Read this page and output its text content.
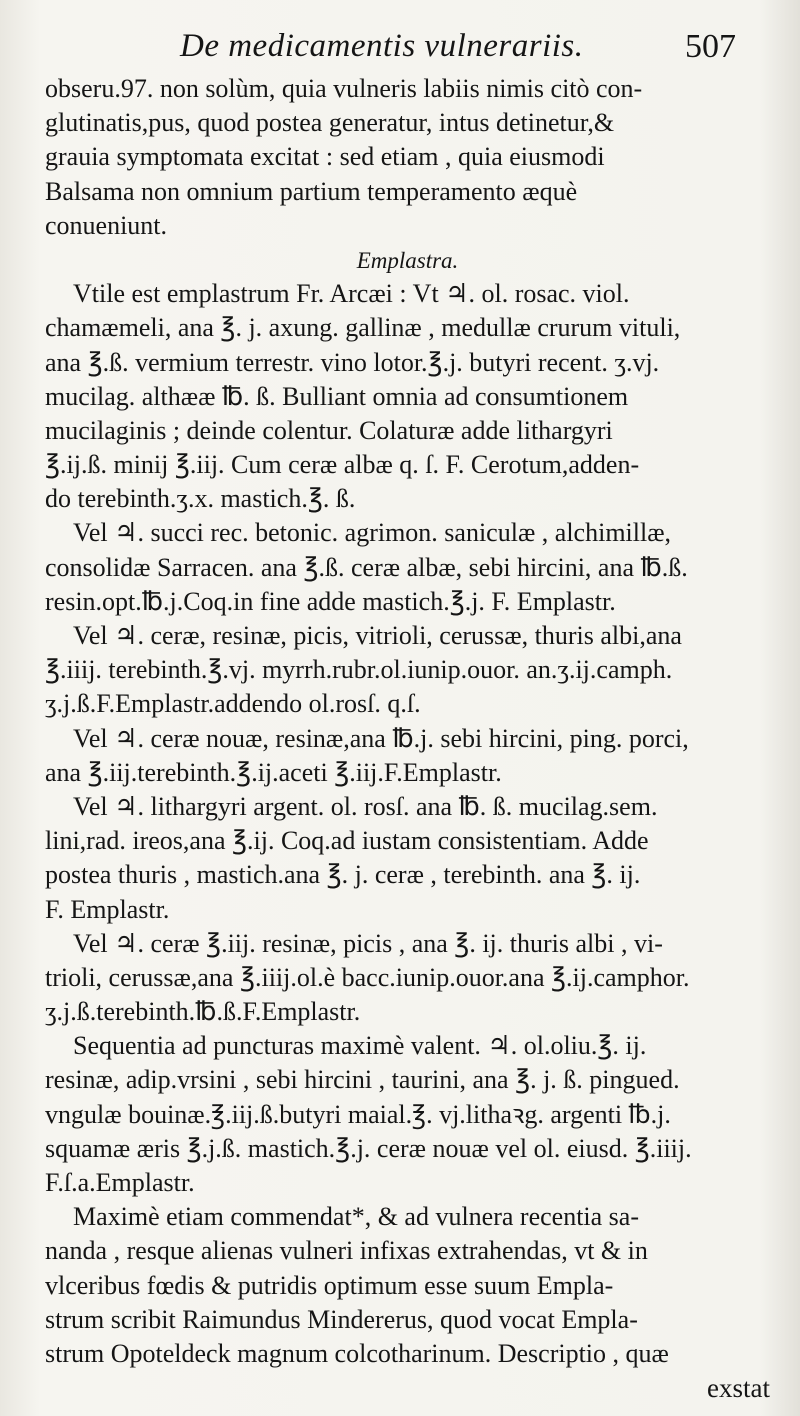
De medicamentis vulnerariis.	507
obseru.97. non solùm, quia vulneris labiis nimis citò con-
glutinatis,pus, quod postea generatur, intus detinetur,&
grauia symptomata excitat : sed etiam , quia eiusmodi
Balsama non omnium partium temperamento æquè
conueniunt.
Emplastra.
Vtile est emplastrum Fr. Arcæi : Vt ♃. ol. rosac. viol.
chamæmeli, ana ℥. j. axung. gallinæ , medullæ crurum vituli,
ana ℥.ß. vermium terrestr. vino lotor.℥.j. butyri recent. ʒ.vj.
mucilag. althææ ℔. ß. Bulliant omnia ad consumtionem
mucilaginis ; deinde colentur. Colaturæ adde lithargyri
℥.ij.ß. minij ℥.iij. Cum ceræ albæ q. ſ. F. Cerotum,adden-
do terebinth.ʒ.x. mastich.℥. ß.
Vel ♃. succi rec. betonic. agrimon. saniculæ , alchimillæ,
consolidæ Sarracen. ana ℥.ß. ceræ albæ, sebi hircini, ana ℔.ß.
resin.opt.℔.j.Coq.in fine adde mastich.℥.j. F. Emplastr.
Vel ♃. ceræ, resinæ, picis, vitrioli, cerussæ, thuris albi,ana
℥.iiij. terebinth.℥.vj. myrrh.rubr.ol.iunip.ouor. an.ʒ.ij.camph.
ʒ.j.ß.F.Emplastr.addendo ol.rosſ. q.ſ.
Vel ♃. ceræ nouæ, resinæ,ana ℔.j. sebi hircini, ping. porci,
ana ℥.iij.terebinth.℥.ij.aceti ℥.iij.F.Emplastr.
Vel ♃. lithargyri argent. ol. rosſ. ana ℔. ß. mucilag.sem.
lini,rad. ireos,ana ℥.ij. Coq.ad iustam consistentiam. Adde
postea thuris , mastich.ana ℥. j. ceræ , terebinth. ana ℥. ij.
F. Emplastr.
Vel ♃. ceræ ℥.iij. resinæ, picis , ana ℥. ij. thuris albi , vi-
trioli, cerussæ,ana ℥.iiij.ol.è bacc.iunip.ouor.ana ℥.ij.camphor.
ʒ.j.ß.terebinth.℔.ß.F.Emplastr.
Sequentia ad puncturas maximè valent. ♃. ol.oliu.℥. ij.
resinæ, adip.vrsini , sebi hircini , taurini, ana ℥. j. ß. pingued.
vngulæ bouinæ.℥.iij.ß.butyri maial.℥. vj.lithaꝛg. argenti ℔.j.
squamæ æris ℥.j.ß. mastich.℥.j. ceræ nouæ vel ol. eiusd. ℥.iiij.
F.ſ.a.Emplastr.
Maximè etiam commendat*, & ad vulnera recentia sa-
nanda , resque alienas vulneri infixas extrahendas, vt & in
vlceribus fœdis & putridis optimum esse suum Empla-
strum scribit Raimundus Mindererus, quod vocat Empla-
strum Opoteldeck magnum colcotharinum. Descriptio , quæ
exstat
